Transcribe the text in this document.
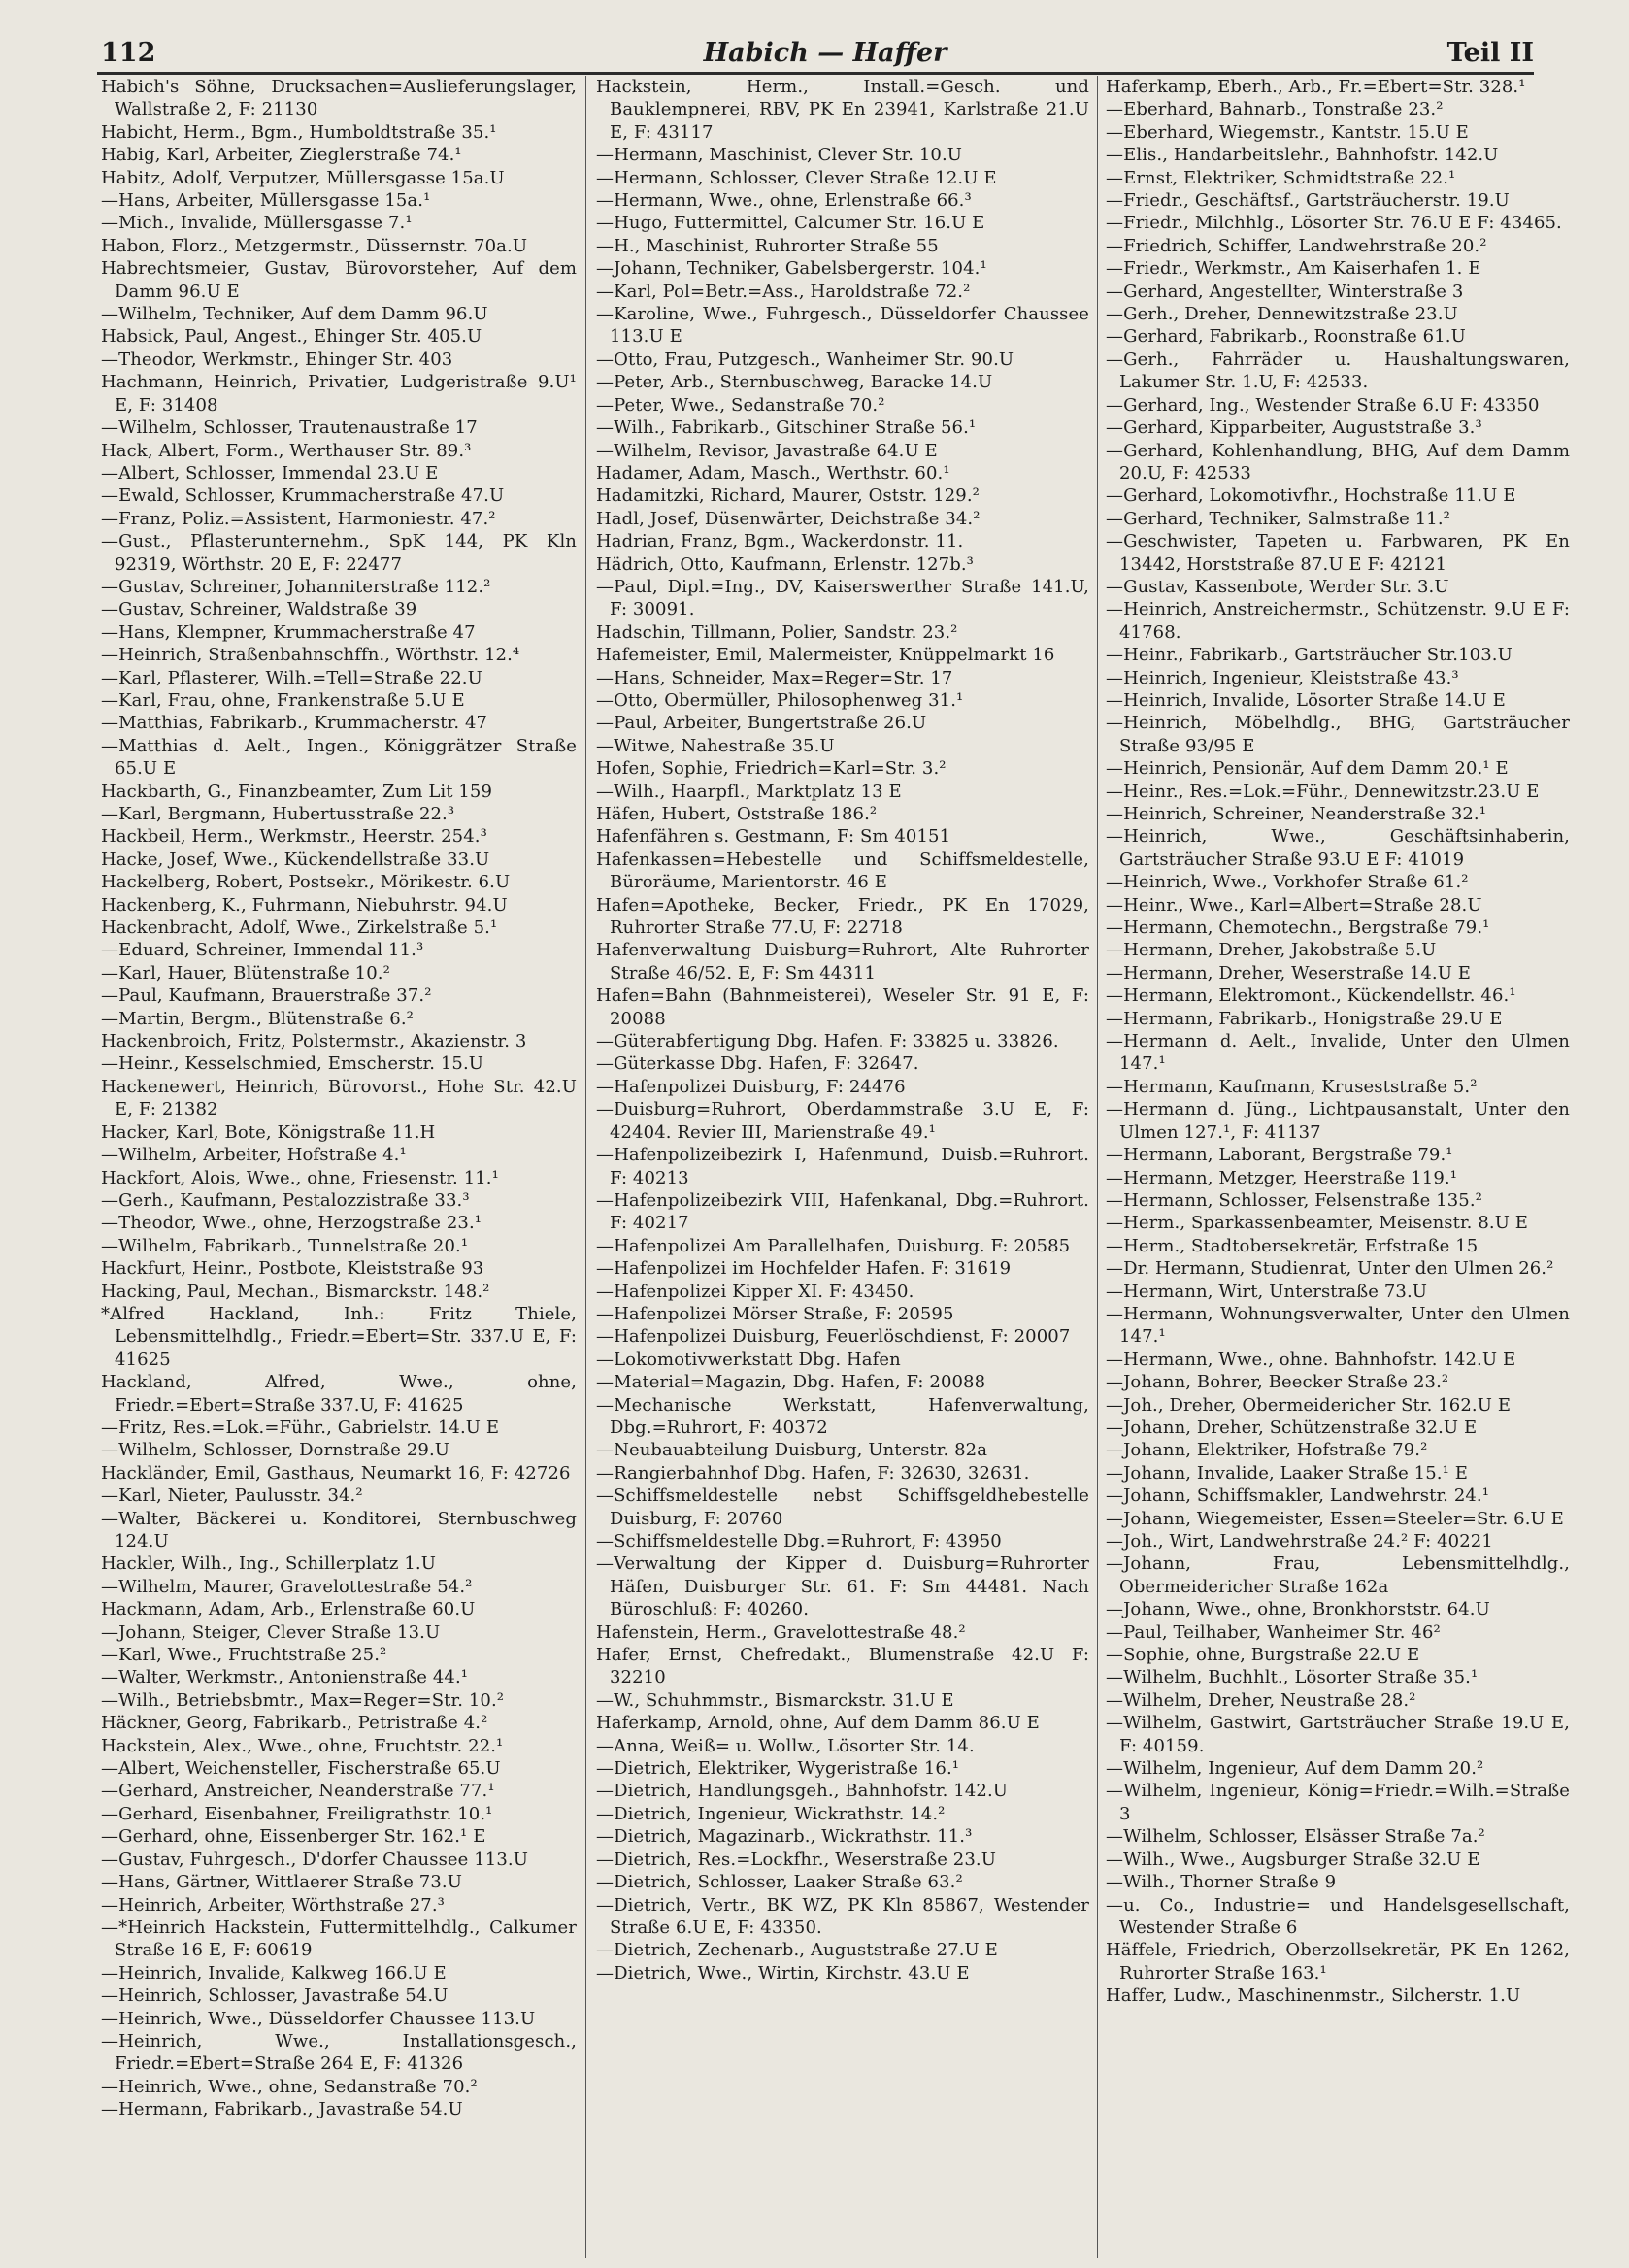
112	Habich — Haffer	Teil II
Habich's Söhne, Drucksachen=Auslieferungslager, Wallstraße 2, F: 21130
Habicht, Herm., Bgm., Humboldtstraße 35.¹
Habig, Karl, Arbeiter, Zieglerstraße 74.¹
Habitz, Adolf, Verputzer, Müllersgasse 15a.U
—Hans, Arbeiter, Müllersgasse 15a.¹
—Mich., Invalide, Müllersgasse 7.¹
Habon, Florz., Metzgermstr., Düssernstr. 70a.U
Habrechtsmeier, Gustav, Bürovorsteher, Auf dem Damm 96.U E
—Wilhelm, Techniker, Auf dem Damm 96.U
Habsick, Paul, Angest., Ehinger Str. 405.U
—Theodor, Werkmstr., Ehinger Str. 403
Hachmann, Heinrich, Privatier, Ludgeristraße 9.U¹ E, F: 31408
—Wilhelm, Schlosser, Trautenaustraße 17
Hack, Albert, Form., Werthauser Str. 89.³
—Albert, Schlosser, Immendal 23.U E
—Ewald, Schlosser, Krummacherstraße 47.U
—Franz, Poliz.=Assistent, Harmoniestr. 47.²
—Gust., Pflasterunternehm., SpK 144, PK Kln 92319, Wörthstr. 20 E, F: 22477
—Gustav, Schreiner, Johanniterstraße 112.²
—Gustav, Schreiner, Waldstraße 39
—Hans, Klempner, Krummacherstraße 47
—Heinrich, Straßenbahnschffn., Wörthstr. 12.⁴
—Karl, Pflasterer, Wilh.=Tell=Straße 22.U
—Karl, Frau, ohne, Frankenstraße 5.U E
—Matthias, Fabrikarb., Krummacherstr. 47
—Matthias d. Aelt., Ingen., Königgrätzer Straße 65.U E
Hackbarth, G., Finanzbeamter, Zum Lit 159
—Karl, Bergmann, Hubertusstraße 22.³
Hackbeil, Herm., Werkmstr., Heerstr. 254.³
Hacke, Josef, Wwe., Kückendellstraße 33.U
Hackelberg, Robert, Postsekr., Mörikestr. 6.U
Hackenberg, K., Fuhrmann, Niebuhrstr. 94.U
Hackenbracht, Adolf, Wwe., Zirkelstraße 5.¹
—Eduard, Schreiner, Immendal 11.³
—Karl, Hauer, Blütenstraße 10.²
—Paul, Kaufmann, Brauerstraße 37.²
—Martin, Bergm., Blütenstraße 6.²
Hackenbroich, Fritz, Polstermstr., Akazienstr. 3
—Heinr., Kesselschmied, Emscherstr. 15.U
Hackenewert, Heinrich, Bürovorst., Hohe Str. 42.U E, F: 21382
Hacker, Karl, Bote, Königstraße 11.H
—Wilhelm, Arbeiter, Hofstraße 4.¹
Hackfort, Alois, Wwe., ohne, Friesenstr. 11.¹
—Gerh., Kaufmann, Pestalozzistraße 33.³
—Theodor, Wwe., ohne, Herzogstraße 23.¹
—Wilhelm, Fabrikarb., Tunnelstraße 20.¹
Hackfurt, Heinr., Postbote, Kleiststraße 93
Hacking, Paul, Mechan., Bismarckstr. 148.²
*Alfred Hackland, Inh.: Fritz Thiele, Lebensmittelhdlg., Friedr.=Ebert=Str. 337.U E, F: 41625
Hackland, Alfred, Wwe., ohne, Friedr.=Ebert=Straße 337.U, F: 41625
—Fritz, Res.=Lok.=Führ., Gabrielstr. 14.U E
—Wilhelm, Schlosser, Dornstraße 29.U
Hackländer, Emil, Gasthaus, Neumarkt 16, F: 42726
—Karl, Nieter, Paulusstr. 34.²
—Walter, Bäckerei u. Konditorei, Sternbuschweg 124.U
Hackler, Wilh., Ing., Schillerplatz 1.U
—Wilhelm, Maurer, Gravelottestraße 54.²
Hackmann, Adam, Arb., Erlenstraße 60.U
—Johann, Steiger, Clever Straße 13.U
—Karl, Wwe., Fruchtstraße 25.²
—Walter, Werkmstr., Antonienstraße 44.¹
—Wilh., Betriebsbmtr., Max=Reger=Str. 10.²
Häckner, Georg, Fabrikarb., Petristraße 4.²
Hackstein, Alex., Wwe., ohne, Fruchtstr. 22.¹
—Albert, Weichensteller, Fischerstraße 65.U
—Gerhard, Anstreicher, Neanderstraße 77.¹
—Gerhard, Eisenbahner, Freiligrathstr. 10.¹
—Gerhard, ohne, Eissenberger Str. 162.¹ E
—Gustav, Fuhrgesch., D'dorfer Chaussee 113.U
—Hans, Gärtner, Wittlaerer Straße 73.U
—Heinrich, Arbeiter, Wörthstraße 27.³
—*Heinrich Hackstein, Futtermittelhdlg., Calkumer Straße 16 E, F: 60619
—Heinrich, Invalide, Kalkweg 166.U E
—Heinrich, Schlosser, Javastraße 54.U
—Heinrich, Wwe., Düsseldorfer Chaussee 113.U
—Heinrich, Wwe., Installationsgesch., Friedr.=Ebert=Straße 264 E, F: 41326
—Heinrich, Wwe., ohne, Sedanstraße 70.²
—Hermann, Fabrikarb., Javastraße 54.U
Hackstein, Herm., Install.=Gesch. und Bauklempnerei, RBV, PK En 23941, Karlstraße 21.U E, F: 43117
—Hermann, Maschinist, Clever Str. 10.U
—Hermann, Schlosser, Clever Straße 12.U E
—Hermann, Wwe., ohne, Erlenstraße 66.³
—Hugo, Futtermittel, Calcumer Str. 16.U E
—H., Maschinist, Ruhrorter Straße 55
—Johann, Techniker, Gabelsbergerstr. 104.¹
—Karl, Pol=Betr.=Ass., Haroldstraße 72.²
—Karoline, Wwe., Fuhrgesch., Düsseldorfer Chaussee 113.U E
—Otto, Frau, Putzgesch., Wanheimer Str. 90.U
—Peter, Arb., Sternbuschweg, Baracke 14.U
—Peter, Wwe., Sedanstraße 70.²
—Wilh., Fabrikarb., Gitschiner Straße 56.¹
—Wilhelm, Revisor, Javastraße 64.U E
Hadamer, Adam, Masch., Werthstr. 60.¹
Hadamitzki, Richard, Maurer, Oststr. 129.²
Hadl, Josef, Düsenwärter, Deichstraße 34.²
Hadrian, Franz, Bgm., Wackerdonstr. 11.
Hädrich, Otto, Kaufmann, Erlenstr. 127b.³
—Paul, Dipl.=Ing., DV, Kaiserswerther Straße 141.U, F: 30091.
Hadschin, Tillmann, Polier, Sandstr. 23.²
Hafemeister, Emil, Malermeister, Knüppelmarkt 16
—Hans, Schneider, Max=Reger=Str. 17
—Otto, Obermüller, Philosophenweg 31.¹
—Paul, Arbeiter, Bungertstraße 26.U
—Witwe, Nahestraße 35.U
Hofen, Sophie, Friedrich=Karl=Str. 3.²
—Wilh., Haarpfl., Marktplatz 13 E
Häfen, Hubert, Oststraße 186.²
Hafenfähren s. Gestmann, F: Sm 40151
Hafenkassen=Hebestelle und Schiffsmeldestelle, Büroräume, Marientorstr. 46 E
Hafen=Apotheke, Becker, Friedr., PK En 17029, Ruhrorter Straße 77.U, F: 22718
Hafenverwaltung Duisburg=Ruhrort, Alte Ruhrorter Straße 46/52. E, F: Sm 44311
Hafen=Bahn (Bahnmeisterei), Weseler Str. 91 E, F: 20088
—Güterabfertigung Dbg. Hafen. F: 33825 u. 33826.
—Güterkasse Dbg. Hafen, F: 32647.
—Hafenpolizei Duisburg, F: 24476
—Duisburg=Ruhrort, Oberdammstraße 3.U E, F: 42404. Revier III, Marienstraße 49.¹
—Hafenpolizeibezirk I, Hafenmund, Duisb.=Ruhrort. F: 40213
—Hafenpolizeibezirk VIII, Hafenkanal, Dbg.=Ruhrort. F: 40217
—Hafenpolizei Am Parallelhafen, Duisburg. F: 20585
—Hafenpolizei im Hochfelder Hafen. F: 31619
—Hafenpolizei Kipper XI. F: 43450.
—Hafenpolizei Mörser Straße, F: 20595
—Hafenpolizei Duisburg, Feuerlöschdienst, F: 20007
—Lokomotivwerkstatt Dbg. Hafen
—Material=Magazin, Dbg. Hafen, F: 20088
—Mechanische Werkstatt, Hafenverwaltung, Dbg.=Ruhrort, F: 40372
—Neubauabteilung Duisburg, Unterstr. 82a
—Rangierbahnhof Dbg. Hafen, F: 32630, 32631.
—Schiffsmeldestelle nebst Schiffsgeldhebestelle Duisburg, F: 20760
—Schiffsmeldestelle Dbg.=Ruhrort, F: 43950
—Verwaltung der Kipper d. Duisburg=Ruhrorter Häfen, Duisburger Str. 61. F: Sm 44481. Nach Büroschluß: F: 40260.
Hafenstein, Herm., Gravelottestraße 48.²
Hafer, Ernst, Chefredakt., Blumenstraße 42.U F: 32210
—W., Schuhmmstr., Bismarckstr. 31.U E
Haferkamp, Arnold, ohne, Auf dem Damm 86.U E
—Anna, Weiß= u. Wollw., Lösorter Str. 14.
—Dietrich, Elektriker, Wygeristraße 16.¹
—Dietrich, Handlungsgeh., Bahnhofstr. 142.U
—Dietrich, Ingenieur, Wickrathstr. 14.²
—Dietrich, Magazinarb., Wickrathstr. 11.³
—Dietrich, Res.=Lockfhr., Weserstraße 23.U
—Dietrich, Schlosser, Laaker Straße 63.²
—Dietrich, Vertr., BK WZ, PK Kln 85867, Westender Straße 6.U E, F: 43350.
—Dietrich, Zechenarb., Auguststraße 27.U E
—Dietrich, Wwe., Wirtin, Kirchstr. 43.U E
Haferkamp, Eberh., Arb., Fr.=Ebert=Str. 328.¹
—Eberhard, Bahnarb., Tonstraße 23.²
—Eberhard, Wiegemstr., Kantstr. 15.U E
—Elis., Handarbeitslehr., Bahnhofstr. 142.U
—Ernst, Elektriker, Schmidtstraße 22.¹
—Friedr., Geschäftsf., Gartsträucherstr. 19.U
—Friedr., Milchhlg., Lösorter Str. 76.U E F: 43465.
—Friedrich, Schiffer, Landwehrstraße 20.²
—Friedr., Werkmstr., Am Kaiserhafen 1. E
—Gerhard, Angestellter, Winterstraße 3
—Gerh., Dreher, Dennewitzstraße 23.U
—Gerhard, Fabrikarb., Roonstraße 61.U
—Gerh., Fahrräder u. Haushaltungswaren, Lakumer Str. 1.U, F: 42533.
—Gerhard, Ing., Westender Straße 6.U F: 43350
—Gerhard, Kipparbeiter, Auguststraße 3.³
—Gerhard, Kohlenhandlung, BHG, Auf dem Damm 20.U, F: 42533
—Gerhard, Lokomotivfhr., Hochstraße 11.U E
—Gerhard, Techniker, Salmstraße 11.²
—Geschwister, Tapeten u. Farbwaren, PK En 13442, Horststraße 87.U E F: 42121
—Gustav, Kassenbote, Werder Str. 3.U
—Heinrich, Anstreichermstr., Schützenstr. 9.U E F: 41768.
—Heinr., Fabrikarb., Gartsträucher Str.103.U
—Heinrich, Ingenieur, Kleiststraße 43.³
—Heinrich, Invalide, Lösorter Straße 14.U E
—Heinrich, Möbelhdlg., BHG, Gartsträucher Straße 93/95 E
—Heinrich, Pensionär, Auf dem Damm 20.¹ E
—Heinr., Res.=Lok.=Führ., Dennewitzstr.23.U E
—Heinrich, Schreiner, Neanderstraße 32.¹
—Heinrich, Wwe., Geschäftsinhaberin, Gartsträucher Straße 93.U E F: 41019
—Heinrich, Wwe., Vorkhofer Straße 61.²
—Heinr., Wwe., Karl=Albert=Straße 28.U
—Hermann, Chemotechn., Bergstraße 79.¹
—Hermann, Dreher, Jakobstraße 5.U
—Hermann, Dreher, Weserstraße 14.U E
—Hermann, Elektromont., Kückendellstr. 46.¹
—Hermann, Fabrikarb., Honigstraße 29.U E
—Hermann d. Aelt., Invalide, Unter den Ulmen 147.¹
—Hermann, Kaufmann, Kruseststraße 5.²
—Hermann d. Jüng., Lichtpausanstalt, Unter den Ulmen 127.¹, F: 41137
—Hermann, Laborant, Bergstraße 79.¹
—Hermann, Metzger, Heerstraße 119.¹
—Hermann, Schlosser, Felsenstraße 135.²
—Herm., Sparkassenbeamter, Meisenstr. 8.U E
—Herm., Stadtobersekretär, Erfstraße 15
—Dr. Hermann, Studienrat, Unter den Ulmen 26.²
—Hermann, Wirt, Unterstraße 73.U
—Hermann, Wohnungsverwalter, Unter den Ulmen 147.¹
—Hermann, Wwe., ohne. Bahnhofstr. 142.U E
—Johann, Bohrer, Beecker Straße 23.²
—Joh., Dreher, Obermeidericher Str. 162.U E
—Johann, Dreher, Schützenstraße 32.U E
—Johann, Elektriker, Hofstraße 79.²
—Johann, Invalide, Laaker Straße 15.¹ E
—Johann, Schiffsmakler, Landwehrstr. 24.¹
—Johann, Wiegemeister, Essen=Steeler=Str. 6.U E
—Joh., Wirt, Landwehrstraße 24.² F: 40221
—Johann, Frau, Lebensmittelhdlg., Obermeidericher Straße 162a
—Johann, Wwe., ohne, Bronkhorststr. 64.U
—Paul, Teilhaber, Wanheimer Str. 46²
—Sophie, ohne, Burgstraße 22.U E
—Wilhelm, Buchhlt., Lösorter Straße 35.¹
—Wilhelm, Dreher, Neustraße 28.²
—Wilhelm, Gastwirt, Gartsträucher Straße 19.U E, F: 40159.
—Wilhelm, Ingenieur, Auf dem Damm 20.²
—Wilhelm, Ingenieur, König=Friedr.=Wilh.=Straße 3
—Wilhelm, Schlosser, Elsässer Straße 7a.²
—Wilh., Wwe., Augsburger Straße 32.U E
—Wilh., Thorner Straße 9
—u. Co., Industrie= und Handelsgesellschaft, Westender Straße 6
Häffele, Friedrich, Oberzollsekretär, PK En 1262, Ruhrorter Straße 163.¹
Haffer, Ludw., Maschinenmstr., Silcherstr. 1.U
